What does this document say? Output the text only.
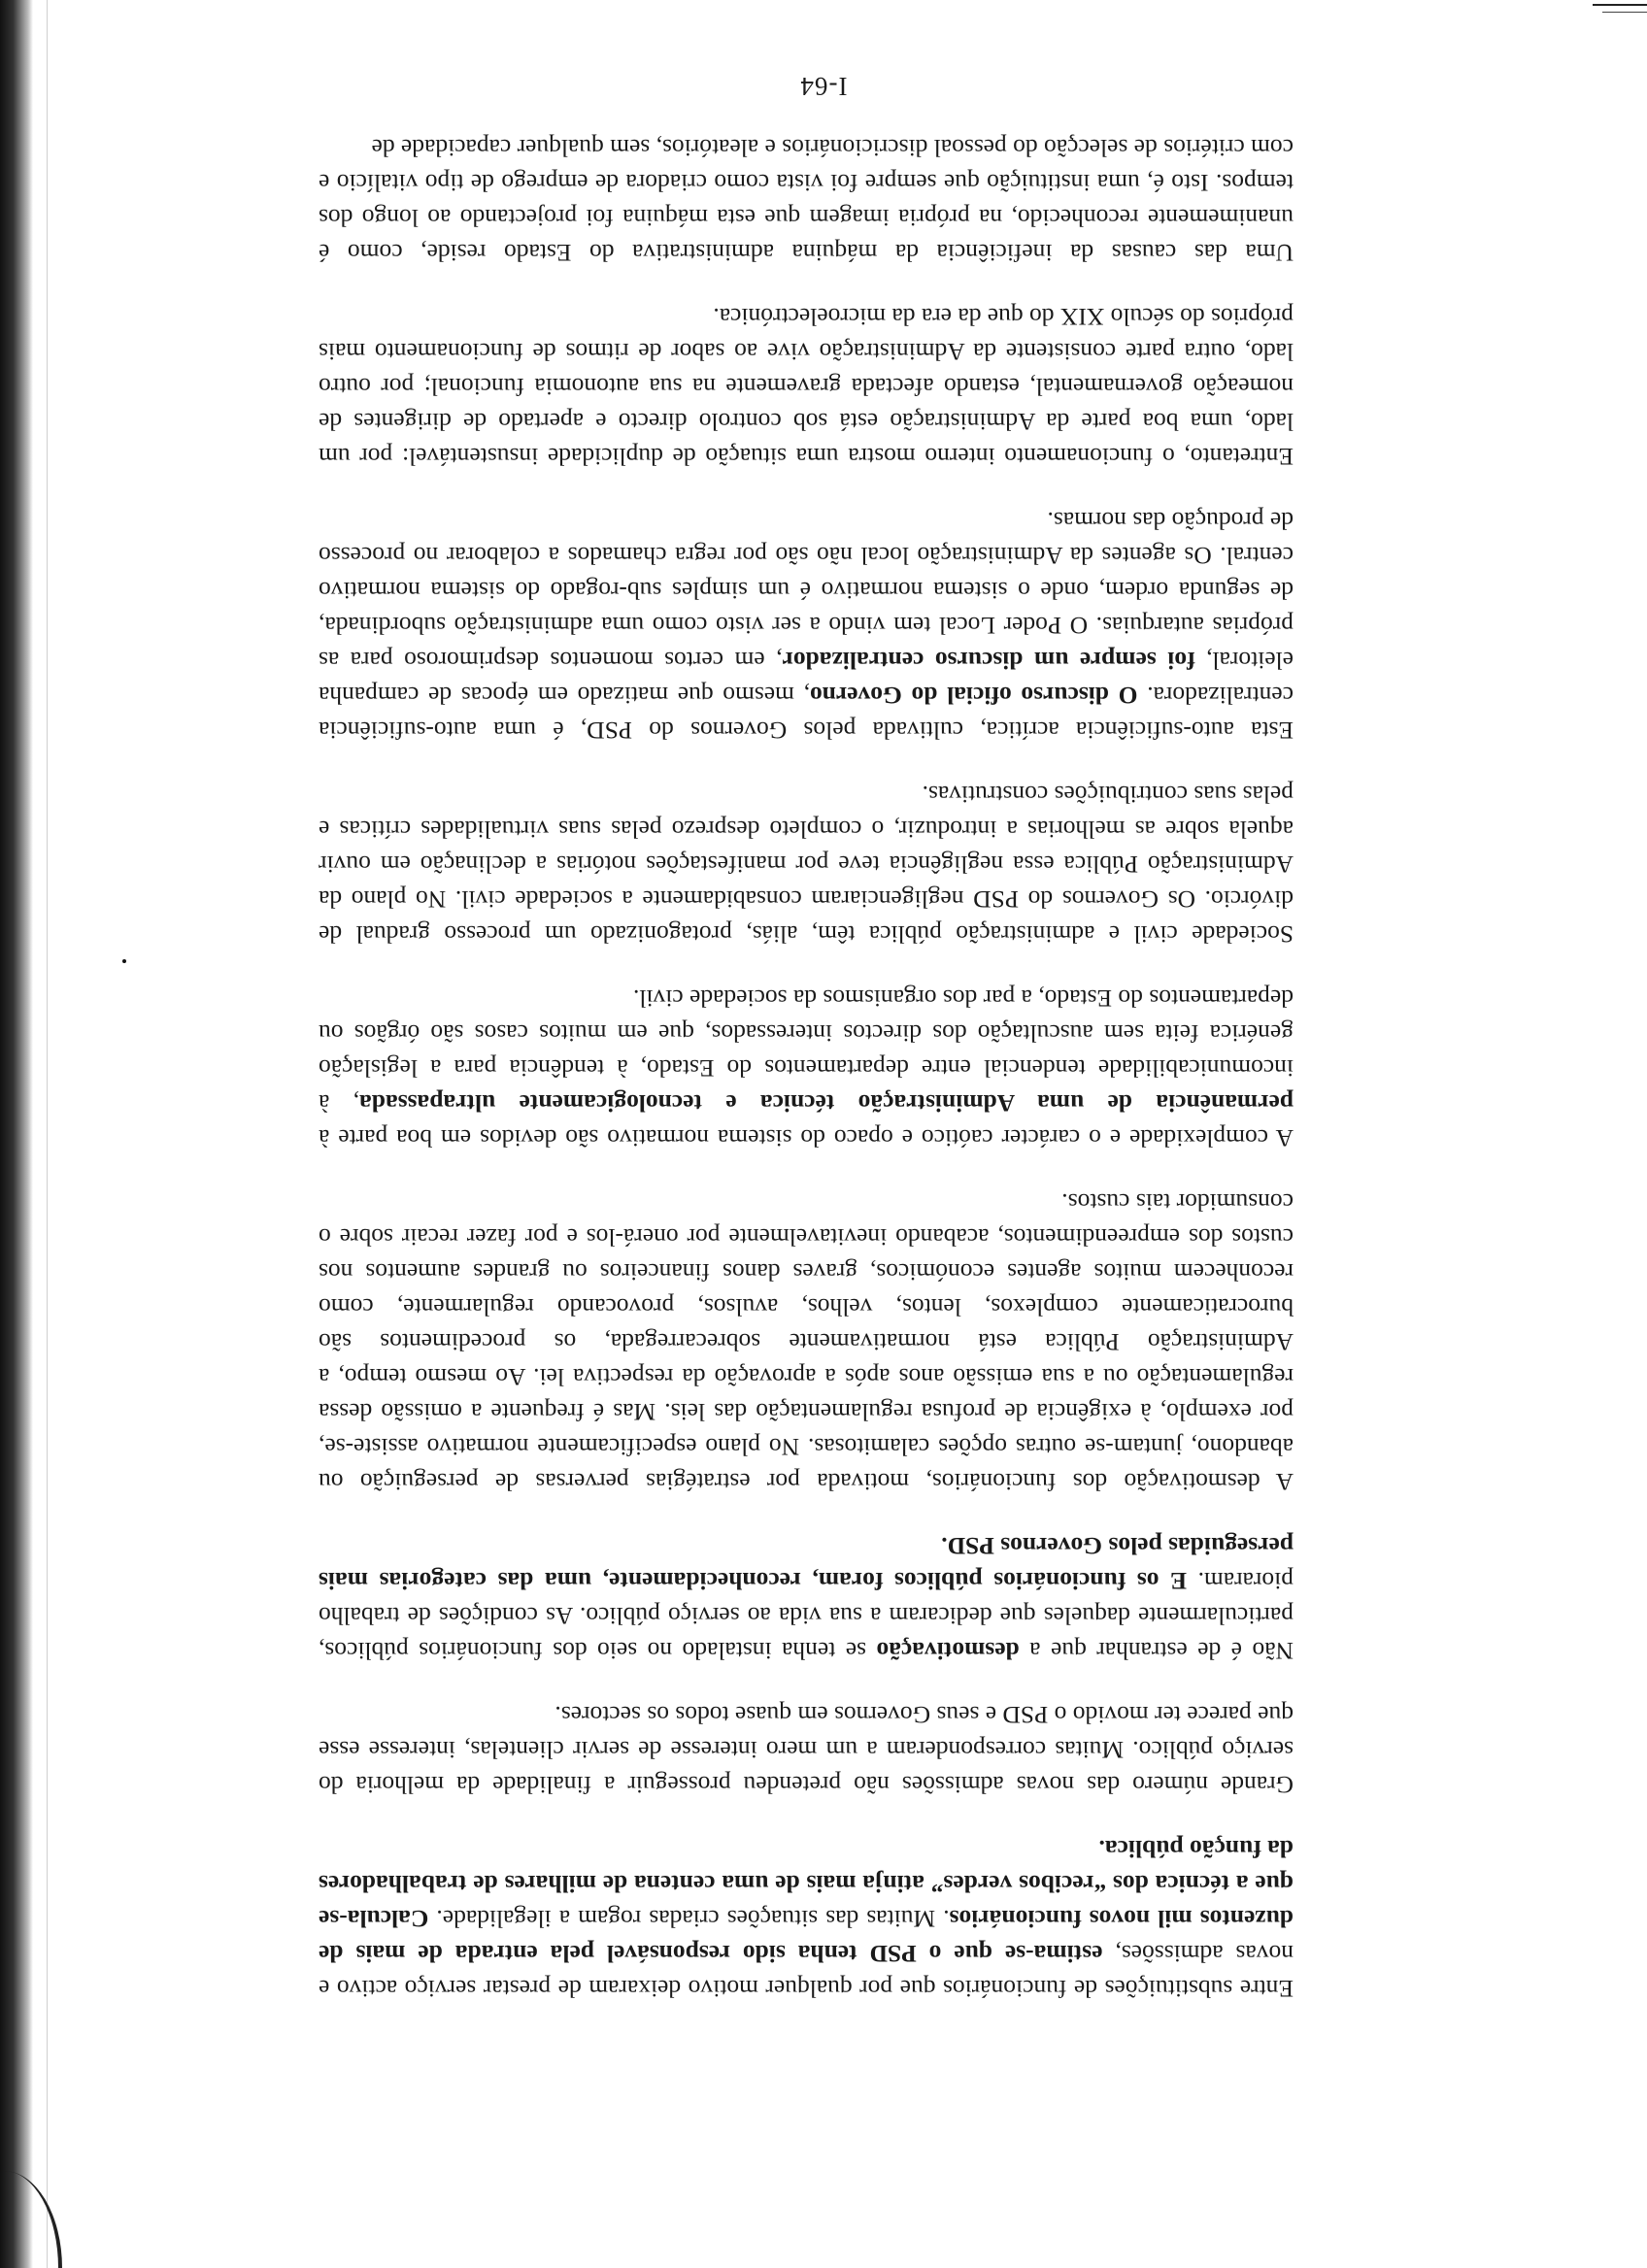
I-64

Entre substituições de funcionários que por qualquer motivo deixaram de prestar serviço activo e novas admissões, estima-se que o PSD tenha sido responsável pela entrada de mais de duzentos mil novos funcionários. Muitas das situações criadas rogam a ilegalidade. Calcula-se que a técnica dos “recibos verdes” atinja mais de uma centena de milhares de trabalhadores da função pública.

Grande número das novas admissões não pretendeu prosseguir a finalidade da melhoria do serviço público. Muitas corresponderam a um mero interesse de servir clientelas, interesse esse que parece ter movido o PSD e seus Governos em quase todos os sectores.

Não é de estranhar que a desmotivação se tenha instalado no seio dos funcionários públicos, particularmente daqueles que dedicaram a sua vida ao serviço público. As condições de trabalho pioraram. E os funcionários públicos foram, reconhecidamente, uma das categorias mais perseguidas pelos Governos PSD.

A desmotivação dos funcionários, motivada por estratégias perversas de perseguição ou abandono, juntam-se outras opções calamitosas. No plano especificamente normativo assiste-se, por exemplo, à exigência de profusa regulamentação das leis. Mas é frequente a omissão dessa regulamentação ou a sua emissão anos após a aprovação da respectiva lei. Ao mesmo tempo, a Administração Pública está normativamente sobrecarregada, os procedimentos são burocraticamente complexos, lentos, velhos, avulsos, provocando regularmente, como reconhecem muitos agentes económicos, graves danos financeiros ou grandes aumentos nos custos dos empreendimentos, acabando inevitavelmente por onerá-los e por fazer recair sobre o consumidor tais custos.

A complexidade e o carácter caótico e opaco do sistema normativo são devidos em boa parte à permanência de uma Administração técnica e tecnologicamente ultrapassada, à incomunicabilidade tendencial entre departamentos do Estado, à tendência para a legislação genérica feita sem auscultação dos directos interessados, que em muitos casos são órgãos ou departamentos do Estado, a par dos organismos da sociedade civil.

Sociedade civil e administração pública têm, aliás, protagonizado um processo gradual de divórcio. Os Governos do PSD negligenciaram consabidamente a sociedade civil. No plano da Administração Pública essa negligência teve por manifestações notórias a declinação em ouvir aquela sobre as melhorias a introduzir, o completo desprezo pelas suas virtualidades críticas e pelas suas contribuições construtivas.

Esta auto-suficiência acrítica, cultivada pelos Governos do PSD, é uma auto-suficiência centralizadora. O discurso oficial do Governo, mesmo que matizado em épocas de campanha eleitoral, foi sempre um discurso centralizador, em certos momentos desprimoroso para as próprias autarquias. O Poder Local tem vindo a ser visto como uma administração subordinada, de segunda ordem, onde o sistema normativo é um simples sub-rogado do sistema normativo central. Os agentes da Administração local não são por regra chamados a colaborar no processo de produção das normas.

Entretanto, o funcionamento interno mostra uma situação de duplicidade insustentável: por um lado, uma boa parte da Administração está sob controlo directo e apertado de dirigentes de nomeação governamental, estando afectada gravemente na sua autonomia funcional; por outro lado, outra parte consistente da Administração vive ao sabor de ritmos de funcionamento mais próprios do século XIX do que da era da microelectrónica.

Uma das causas da ineficiência da máquina administrativa do Estado reside, como é unanimemente reconhecido, na própria imagem que esta máquina foi projectando ao longo dos tempos. Isto é, uma instituição que sempre foi vista como criadora de emprego de tipo vitalício e com critérios de selecção do pessoal discricionários e aleatórios, sem qualquer capacidade de
